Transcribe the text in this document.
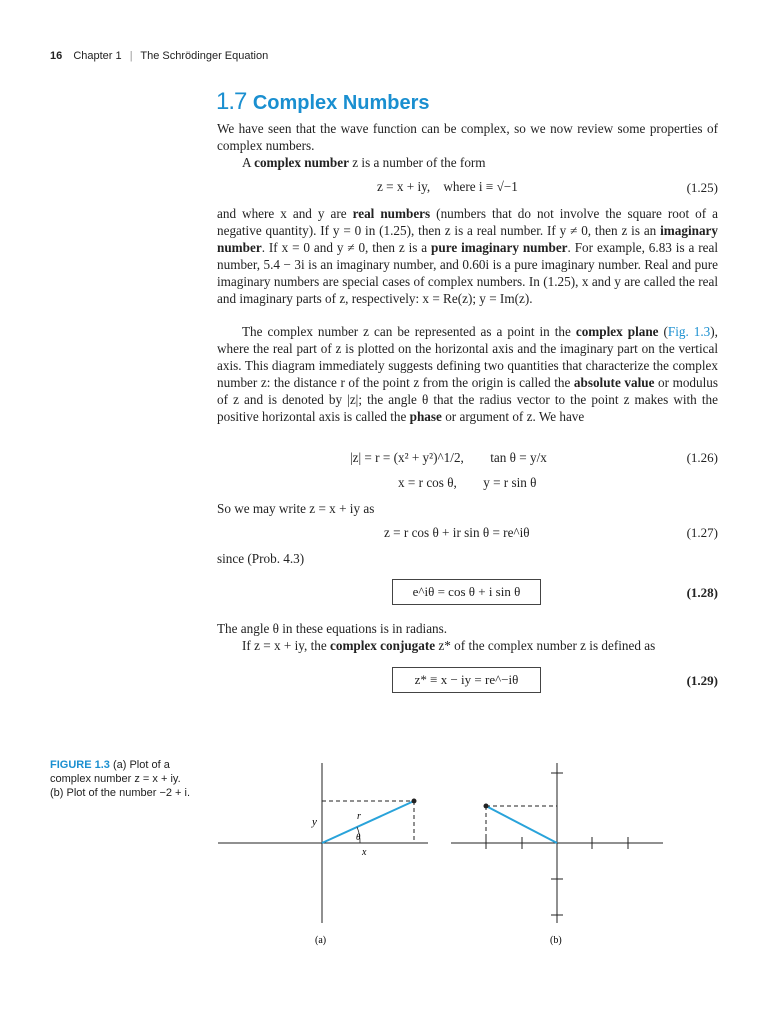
16 Chapter 1 | The Schrödinger Equation
1.7 Complex Numbers
We have seen that the wave function can be complex, so we now review some properties of complex numbers.
A complex number z is a number of the form
z = x + iy, where i ≡ √−1	(1.25)
and where x and y are real numbers (numbers that do not involve the square root of a negative quantity). If y = 0 in (1.25), then z is a real number. If y ≠ 0, then z is an imaginary number. If x = 0 and y ≠ 0, then z is a pure imaginary number. For example, 6.83 is a real number, 5.4 − 3i is an imaginary number, and 0.60i is a pure imaginary number. Real and pure imaginary numbers are special cases of complex numbers. In (1.25), x and y are called the real and imaginary parts of z, respectively: x = Re(z); y = Im(z).
The complex number z can be represented as a point in the complex plane (Fig. 1.3), where the real part of z is plotted on the horizontal axis and the imaginary part on the vertical axis. This diagram immediately suggests defining two quantities that characterize the complex number z: the distance r of the point z from the origin is called the absolute value or modulus of z and is denoted by |z|; the angle θ that the radius vector to the point z makes with the positive horizontal axis is called the phase or argument of z. We have
|z| = r = (x² + y²)^1/2, tan θ = y/x	(1.26)
x = r cos θ, y = r sin θ
So we may write z = x + iy as
z = r cos θ + ir sin θ = re^iθ	(1.27)
since (Prob. 4.3)
e^iθ = cos θ + i sin θ	(1.28)
The angle θ in these equations is in radians.
If z = x + iy, the complex conjugate z* of the complex number z is defined as
z* ≡ x − iy = re^−iθ	(1.29)
FIGURE 1.3 (a) Plot of a complex number z = x + iy.
(b) Plot of the number −2 + i.
y	r
θ
x
(a)	(b)
